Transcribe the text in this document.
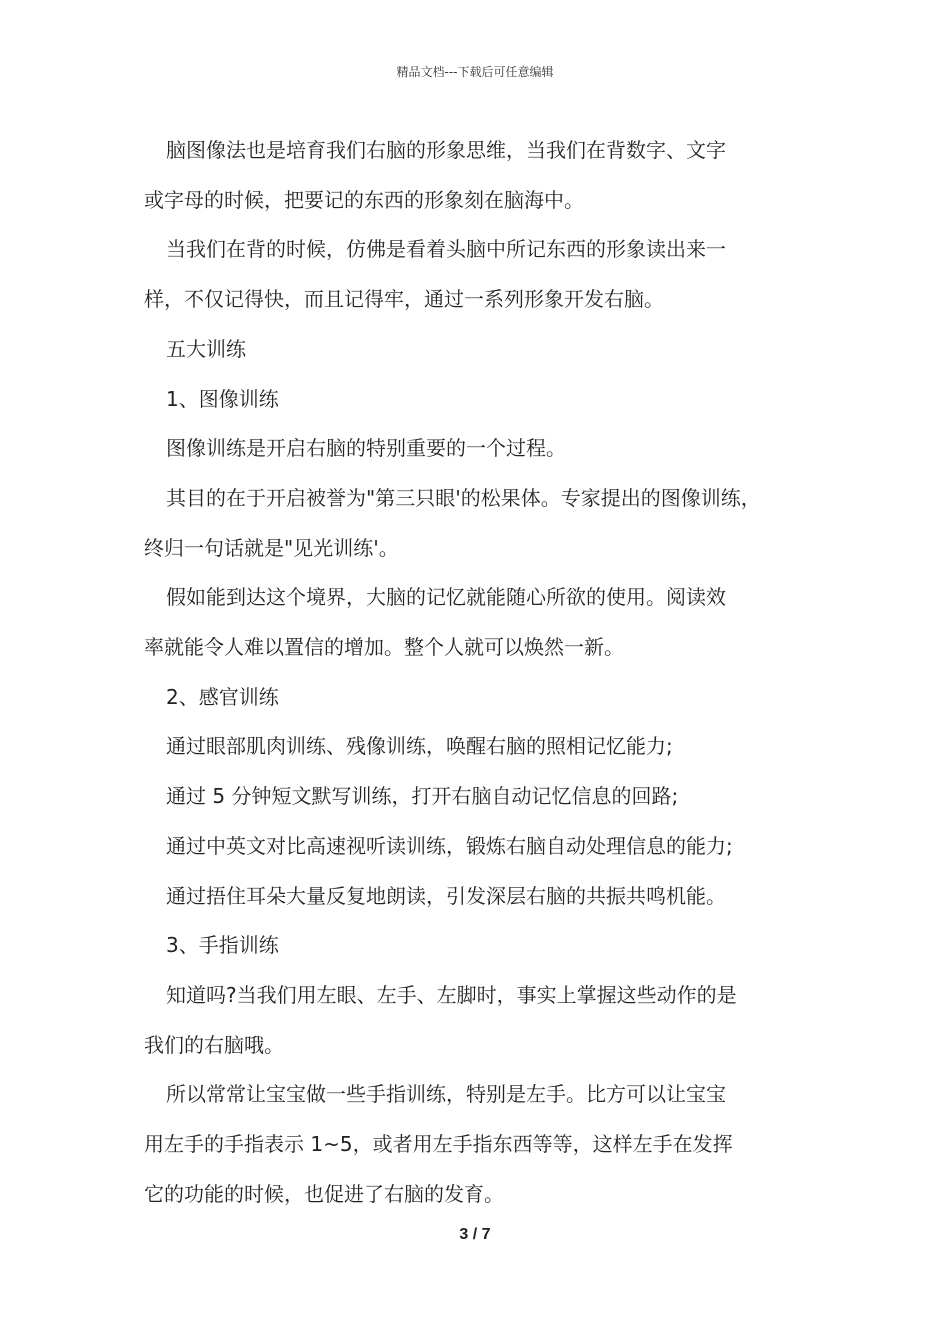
精品文档---下载后可任意编辑

脑图像法也是培育我们右脑的形象思维，当我们在背数字、文字

或字母的时候，把要记的东西的形象刻在脑海中。

当我们在背的时候，仿佛是看着头脑中所记东西的形象读出来一

样，不仅记得快，而且记得牢，通过一系列形象开发右脑。

五大训练

1、图像训练

图像训练是开启右脑的特别重要的一个过程。

其目的在于开启被誉为"第三只眼'的松果体。专家提出的图像训练，

终归一句话就是"见光训练'。

假如能到达这个境界，大脑的记忆就能随心所欲的使用。阅读效

率就能令人难以置信的增加。整个人就可以焕然一新。

2、感官训练

通过眼部肌肉训练、残像训练，唤醒右脑的照相记忆能力;

通过 5 分钟短文默写训练，打开右脑自动记忆信息的回路;

通过中英文对比高速视听读训练，锻炼右脑自动处理信息的能力;

通过捂住耳朵大量反复地朗读，引发深层右脑的共振共鸣机能。

3、手指训练

知道吗?当我们用左眼、左手、左脚时，事实上掌握这些动作的是

我们的右脑哦。

所以常常让宝宝做一些手指训练，特别是左手。比方可以让宝宝

用左手的手指表示 1~5，或者用左手指东西等等，这样左手在发挥

它的功能的时候，也促进了右脑的发育。

3 / 7
